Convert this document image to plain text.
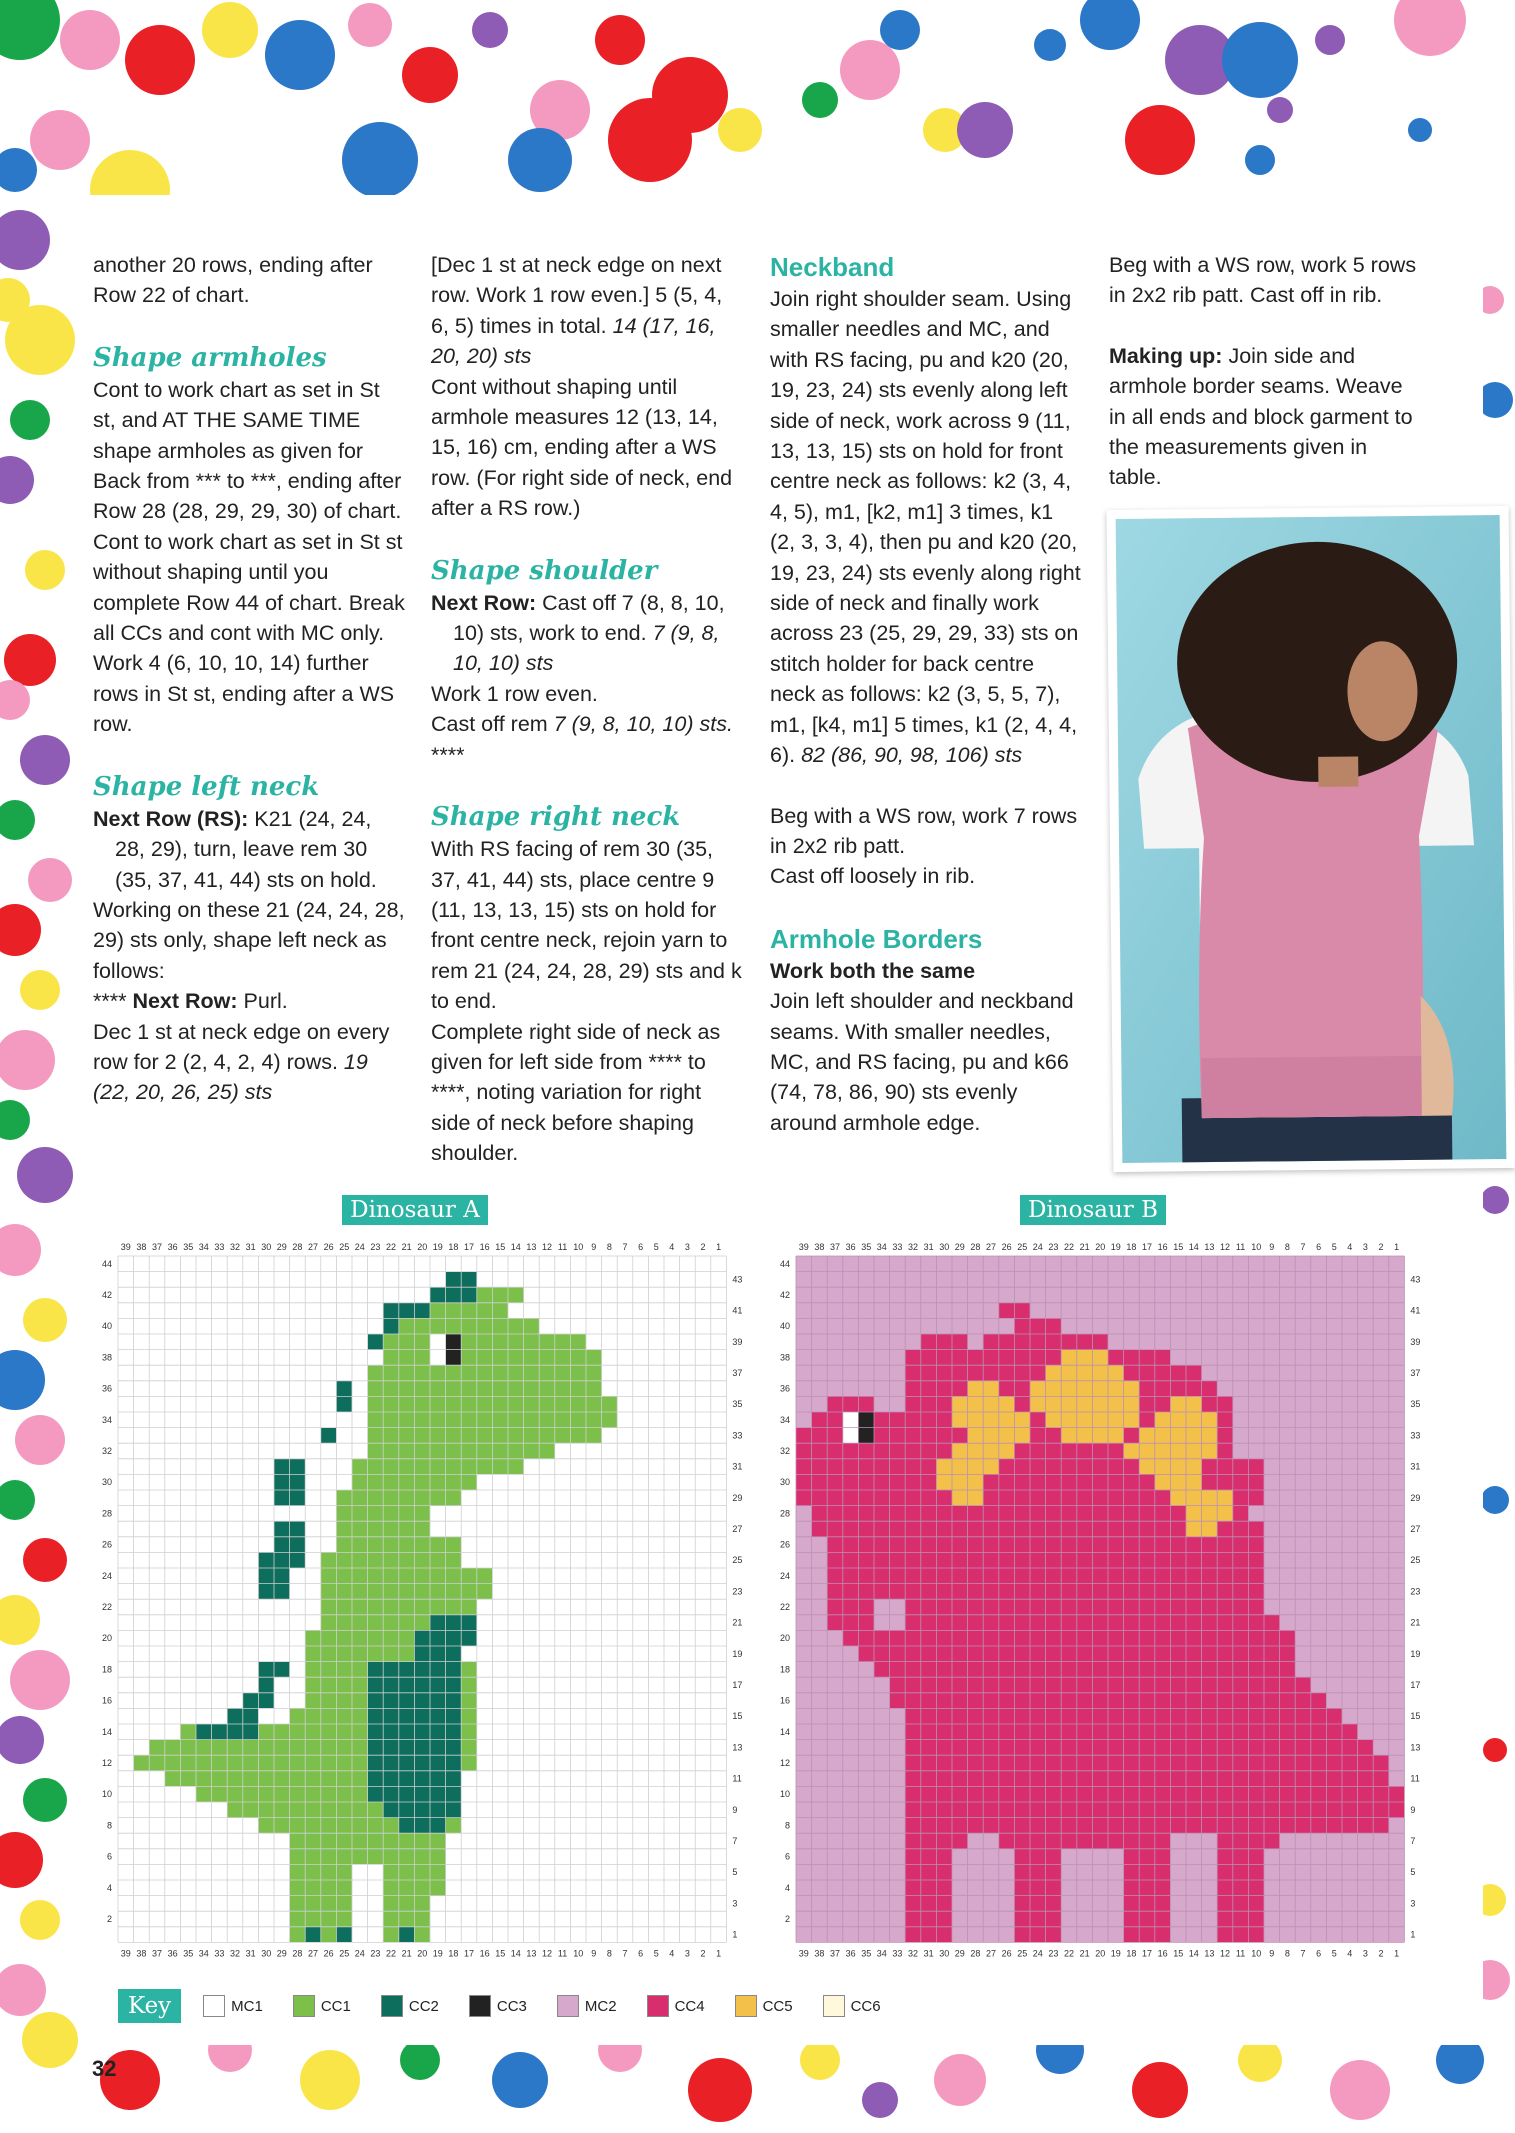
another 20 rows, ending after Row 22 of chart.

Shape armholes

Cont to work chart as set in St st, and AT THE SAME TIME shape armholes as given for Back from *** to ***, ending after Row 28 (28, 29, 29, 30) of chart.

Cont to work chart as set in St st without shaping until you complete Row 44 of chart. Break all CCs and cont with MC only.

Work 4 (6, 10, 10, 14) further rows in St st, ending after a WS row.

Shape left neck

Next Row (RS): K21 (24, 24, 28, 29), turn, leave rem 30 (35, 37, 41, 44) sts on hold.

Working on these 21 (24, 24, 28, 29) sts only, shape left neck as follows:

**** Next Row: Purl.

Dec 1 st at neck edge on every row for 2 (2, 4, 2, 4) rows. 19 (22, 20, 26, 25) sts

[Dec 1 st at neck edge on next row. Work 1 row even.] 5 (5, 4, 6, 5) times in total. 14 (17, 16, 20, 20) sts

Cont without shaping until armhole measures 12 (13, 14, 15, 16) cm, ending after a WS row. (For right side of neck, end after a RS row.)

Shape shoulder

Next Row: Cast off 7 (8, 8, 10, 10) sts, work to end. 7 (9, 8, 10, 10) sts

Work 1 row even.

Cast off rem 7 (9, 8, 10, 10) sts.
****

Shape right neck

With RS facing of rem 30 (35, 37, 41, 44) sts, place centre 9 (11, 13, 13, 15) sts on hold for front centre neck, rejoin yarn to rem 21 (24, 24, 28, 29) sts and k to end.

Complete right side of neck as given for left side from **** to ****, noting variation for right side of neck before shaping shoulder.

Neckband

Join right shoulder seam. Using smaller needles and MC, and with RS facing, pu and k20 (20, 19, 23, 24) sts evenly along left side of neck, work across 9 (11, 13, 13, 15) sts on hold for front centre neck as follows: k2 (3, 4, 4, 5), m1, [k2, m1] 3 times, k1 (2, 3, 3, 4), then pu and k20 (20, 19, 23, 24) sts evenly along right side of neck and finally work across 23 (25, 29, 29, 33) sts on stitch holder for back centre neck as follows: k2 (3, 5, 5, 7), m1, [k4, m1] 5 times, k1 (2, 4, 4, 6). 82 (86, 90, 98, 106) sts

Beg with a WS row, work 7 rows in 2x2 rib patt.

Cast off loosely in rib.

Armhole Borders

Work both the same

Join left shoulder and neckband seams. With smaller needles, MC, and RS facing, pu and k66 (74, 78, 86, 90) sts evenly around armhole edge.

Beg with a WS row, work 5 rows in 2x2 rib patt. Cast off in rib.

Making up: Join side and armhole border seams. Weave in all ends and block garment to the measurements given in table.

Dinosaur A	Dinosaur B
39
39
38
38
37
37
36
36
35
35
34
34
33
33
32
32
31
31
30
30
29
29
28
28
27
27
26
26
25
25
24
24
23
23
22
22
21
21
20
20
19
19
18
18
17
17
16
16
15
15
14
14
13
13
12
12
11
11
10
10
9
9
8
8
7
7
6
6
5
5
4
4
3
3
2
2
1
1
1
2
3
4
5
6
7
8
9
10
11
12
13
14
15
16
17
18
19
20
21
22
23
24
25
26
27
28
29
30
31
32
33
34
35
36
37
38
39
40
41
42
43
44
39
39
38
38
37
37
36
36
35
35
34
34
33
33
32
32
31
31
30
30
29
29
28
28
27
27
26
26
25
25
24
24
23
23
22
22
21
21
20
20
19
19
18
18
17
17
16
16
15
15
14
14
13
13
12
12
11
11
10
10
9
9
8
8
7
7
6
6
5
5
4
4
3
3
2
2
1
1
1
2
3
4
5
6
7
8
9
10
11
12
13
14
15
16
17
18
19
20
21
22
23
24
25
26
27
28
29
30
31
32
33
34
35
36
37
38
39
40
41
42
43
44
Key	MC1	CC1	CC2	CC3	MC2	CC4	CC5	CC6
32
